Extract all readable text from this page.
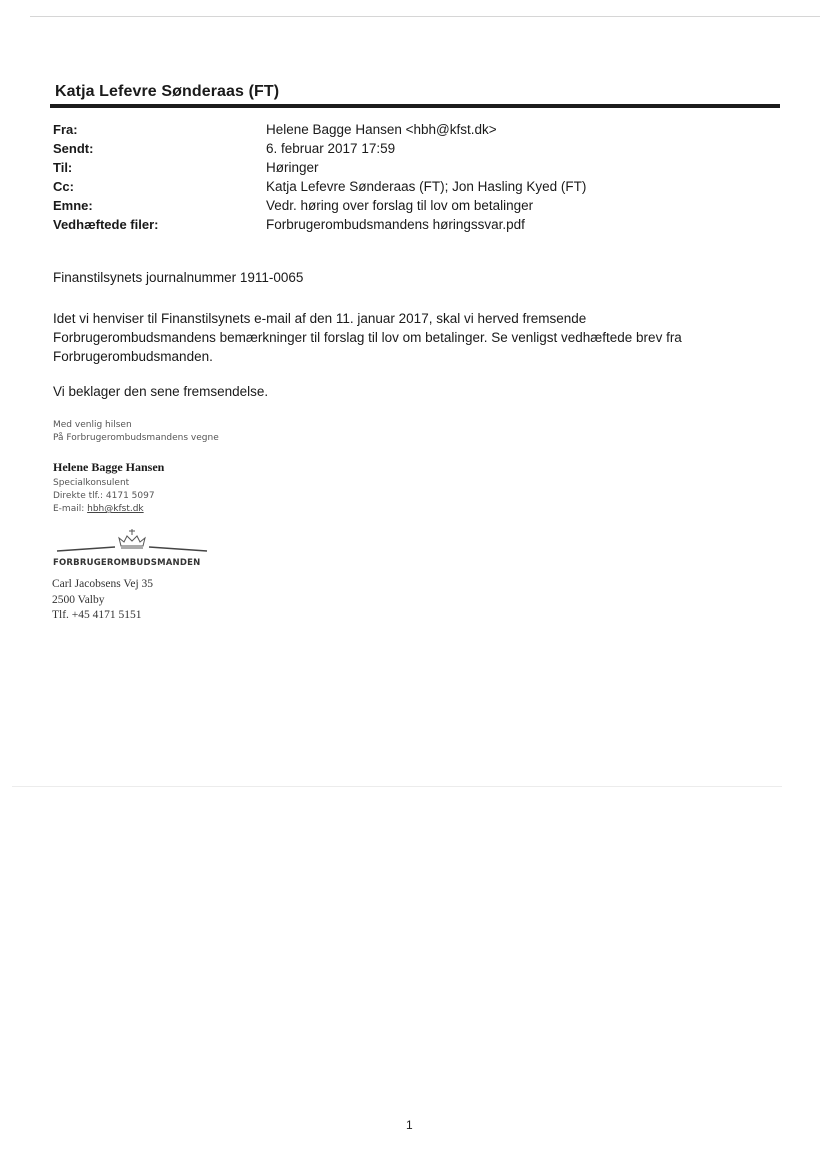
Katja Lefevre Sønderaas (FT)
Fra:	Helene Bagge Hansen <hbh@kfst.dk>
Sendt:	6. februar 2017 17:59
Til:	Høringer
Cc:	Katja Lefevre Sønderaas (FT); Jon Hasling Kyed (FT)
Emne:	Vedr. høring over forslag til lov om betalinger
Vedhæftede filer:	Forbrugerombudsmandens høringssvar.pdf
Finanstilsynets journalnummer 1911-0065
Idet vi henviser til Finanstilsynets e-mail af den 11. januar 2017, skal vi herved fremsende
Forbrugerombudsmandens bemærkninger til forslag til lov om betalinger. Se venligst vedhæftede brev fra
Forbrugerombudsmanden.
Vi beklager den sene fremsendelse.
Med venlig hilsen
På Forbrugerombudsmandens vegne
Helene Bagge Hansen
Specialkonsulent
Direkte tlf.: 4171 5097
E-mail: hbh@kfst.dk
FORBRUGEROMBUDSMANDEN
Carl Jacobsens Vej 35
2500 Valby
Tlf. +45 4171 5151
1
